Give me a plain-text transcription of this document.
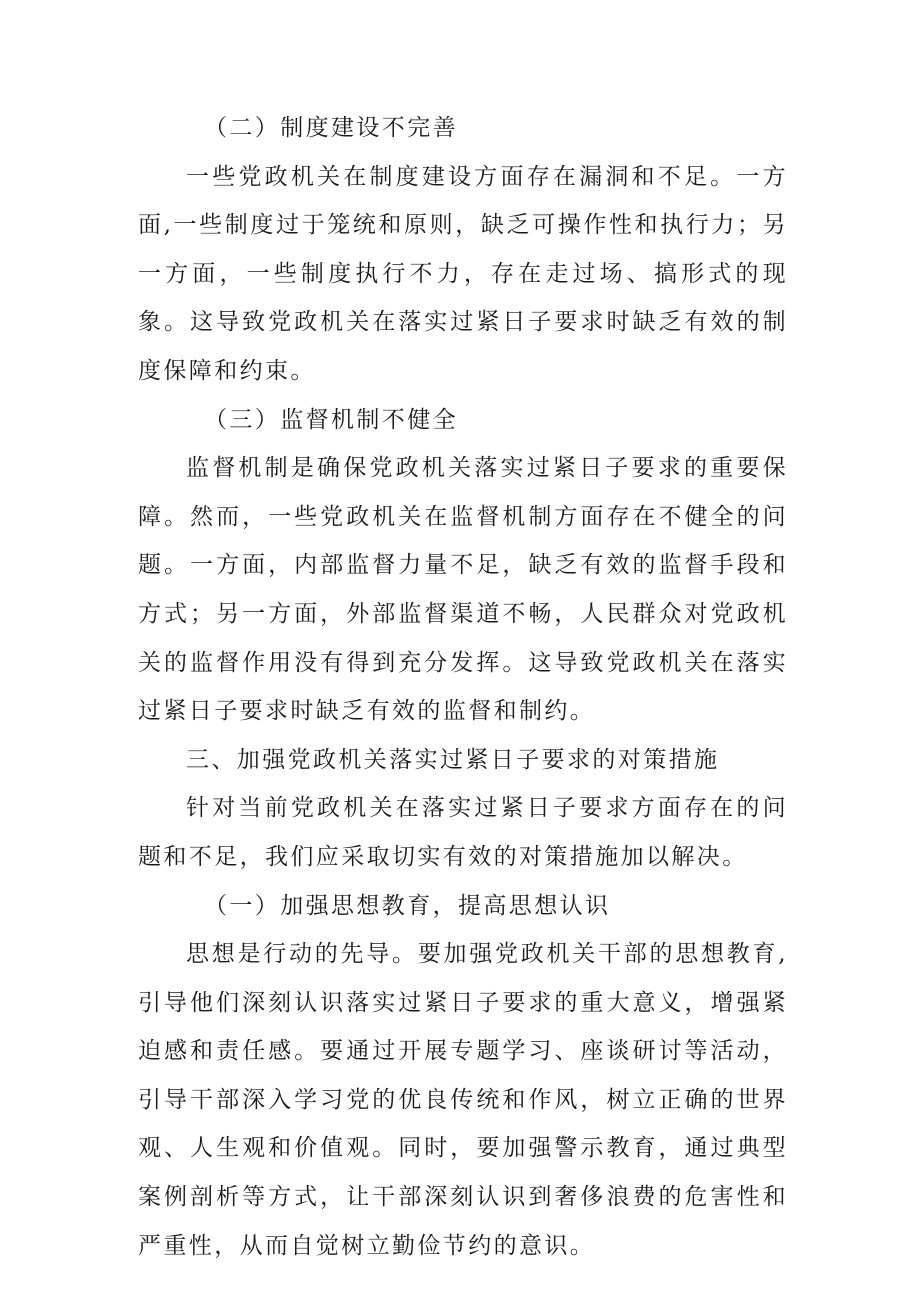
（二）制度建设不完善

一些党政机关在制度建设方面存在漏洞和不足。一方面,一些制度过于笼统和原则，缺乏可操作性和执行力；另一方面，一些制度执行不力，存在走过场、搞形式的现象。这导致党政机关在落实过紧日子要求时缺乏有效的制度保障和约束。

（三）监督机制不健全

监督机制是确保党政机关落实过紧日子要求的重要保障。然而，一些党政机关在监督机制方面存在不健全的问题。一方面，内部监督力量不足，缺乏有效的监督手段和方式；另一方面，外部监督渠道不畅，人民群众对党政机关的监督作用没有得到充分发挥。这导致党政机关在落实过紧日子要求时缺乏有效的监督和制约。

三、加强党政机关落实过紧日子要求的对策措施

针对当前党政机关在落实过紧日子要求方面存在的问题和不足，我们应采取切实有效的对策措施加以解决。

（一）加强思想教育，提高思想认识

思想是行动的先导。要加强党政机关干部的思想教育,引导他们深刻认识落实过紧日子要求的重大意义，增强紧迫感和责任感。要通过开展专题学习、座谈研讨等活动，引导干部深入学习党的优良传统和作风，树立正确的世界观、人生观和价值观。同时，要加强警示教育，通过典型案例剖析等方式，让干部深刻认识到奢侈浪费的危害性和严重性，从而自觉树立勤俭节约的意识。
